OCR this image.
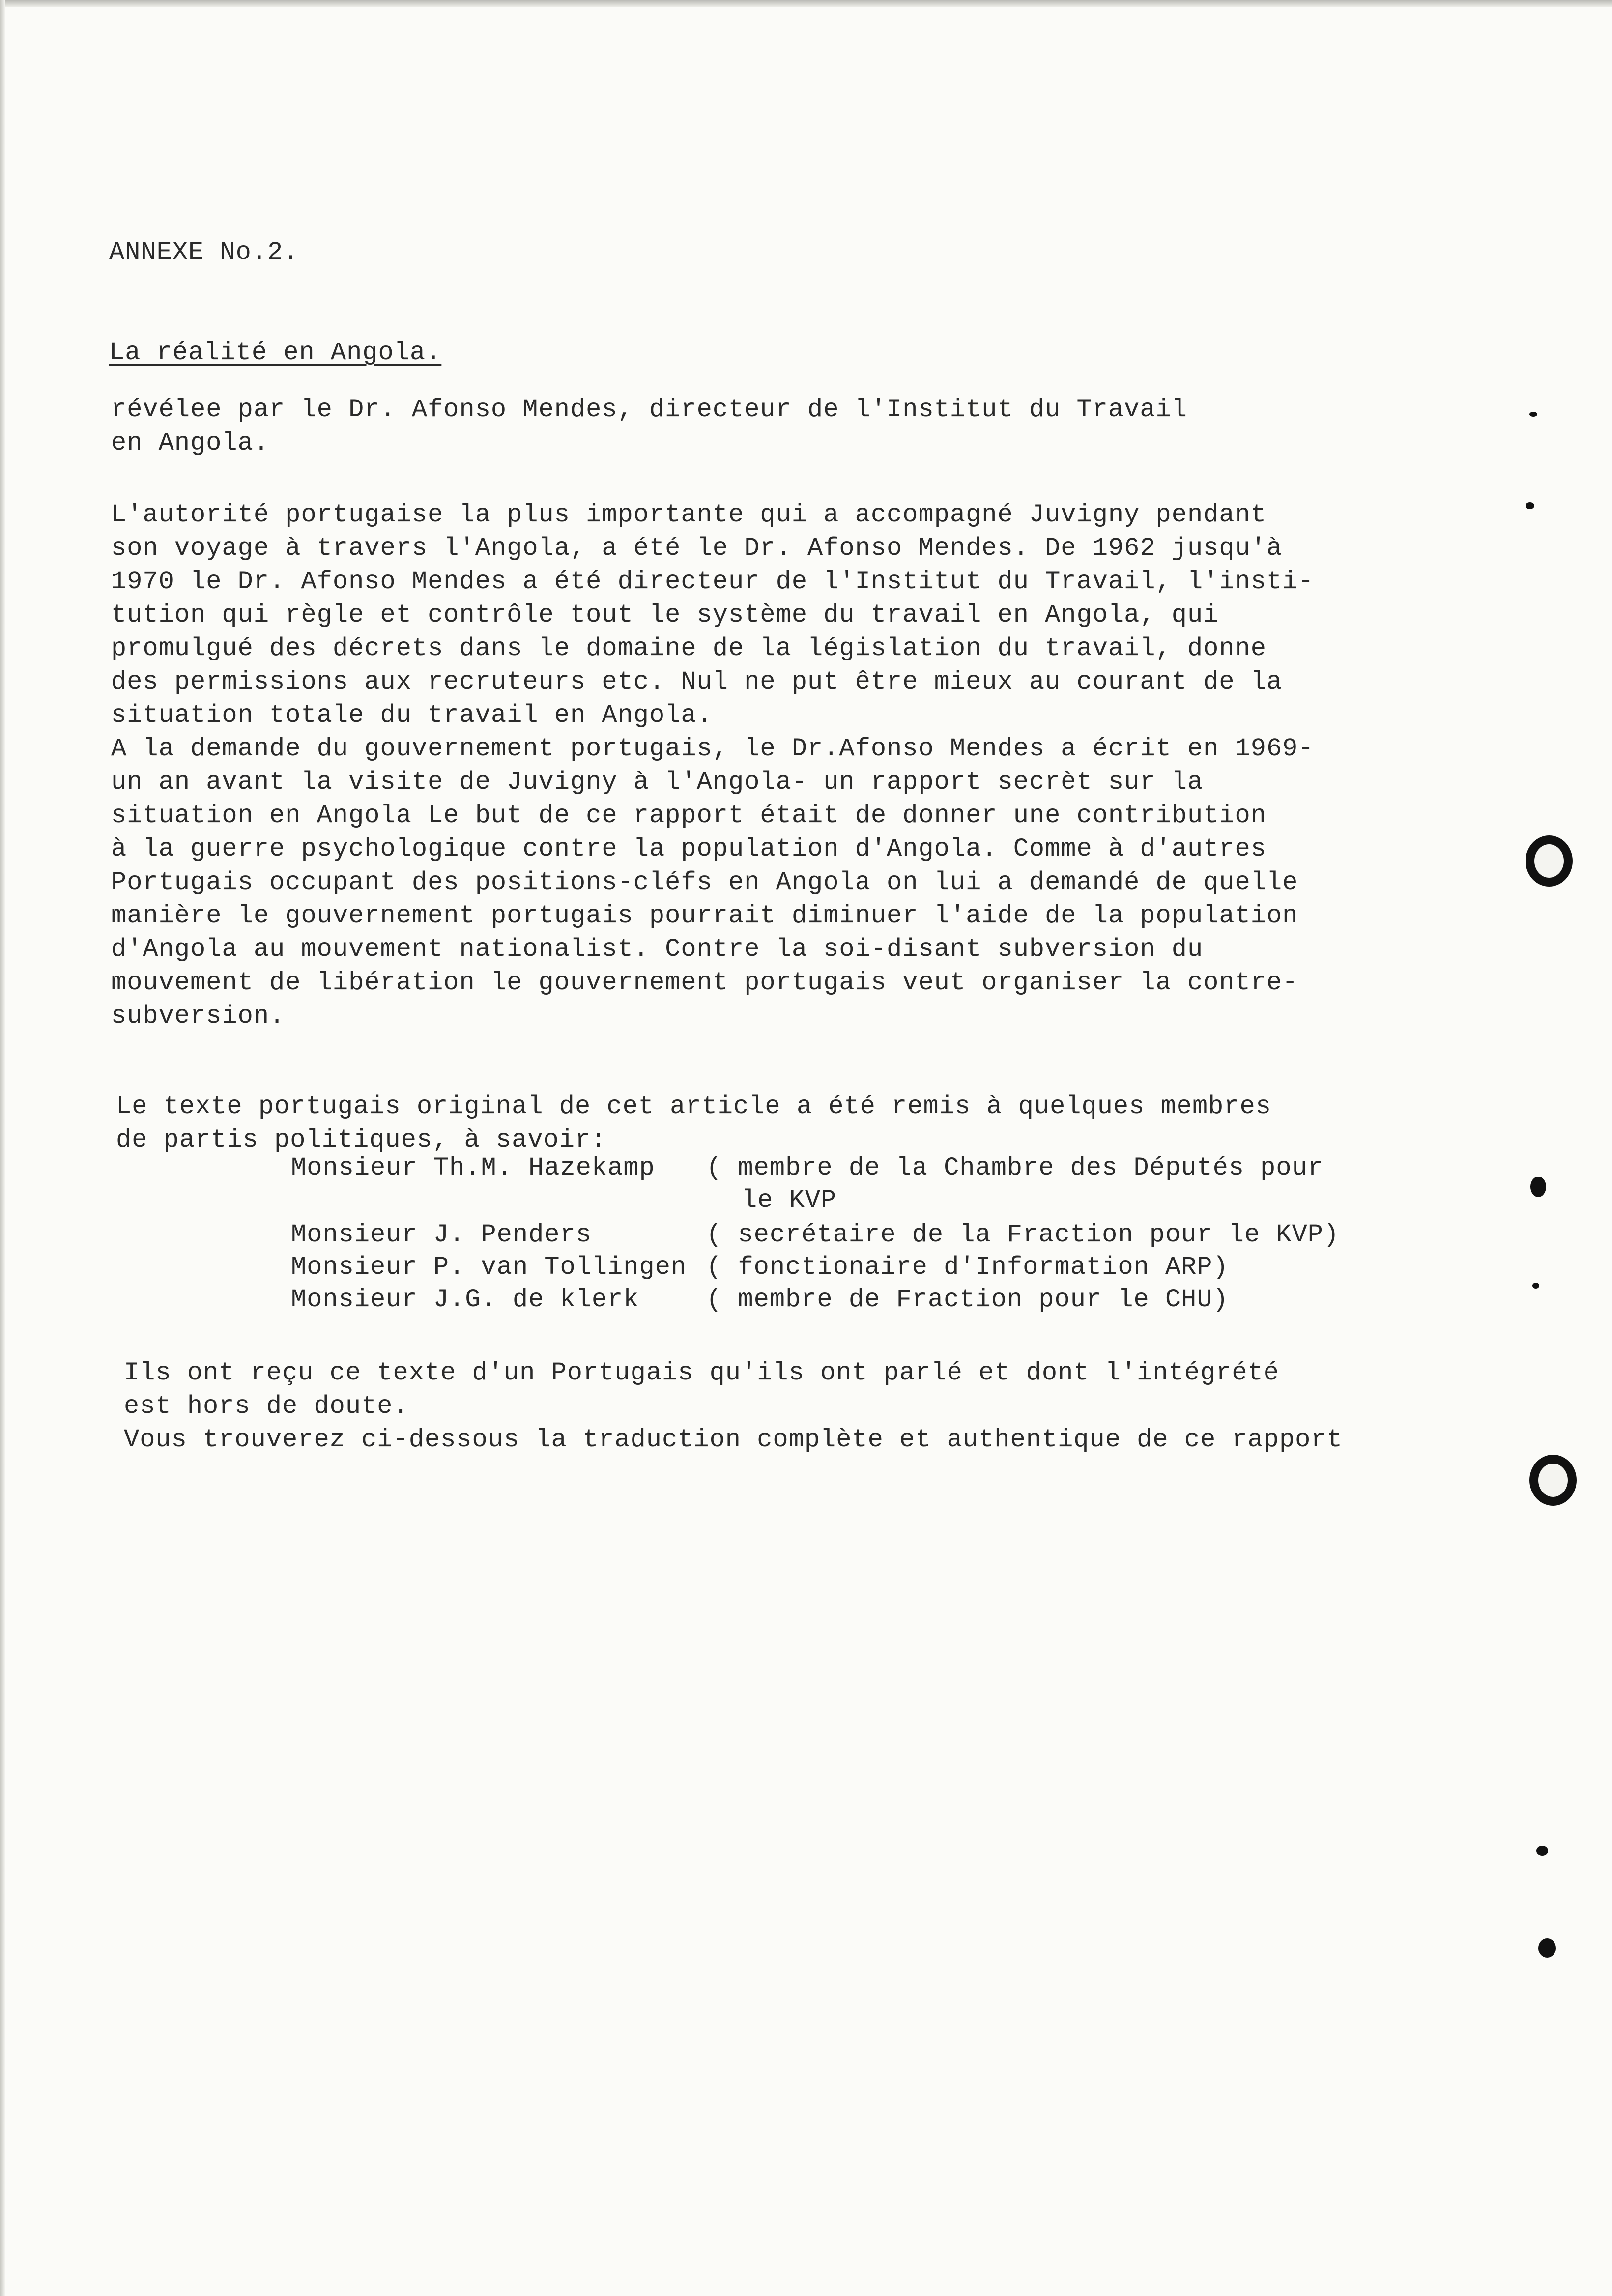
ANNEXE No.2.
La réalité en Angola.
révélee par le Dr. Afonso Mendes, directeur de l'Institut du Travail
en Angola.
L'autorité portugaise la plus importante qui a accompagné Juvigny pendant
son voyage à travers l'Angola, a été le Dr. Afonso Mendes. De 1962 jusqu'à
1970 le Dr. Afonso Mendes a été directeur de l'Institut du Travail, l'insti-
tution qui règle et contrôle tout le système du travail en Angola, qui
promulgué des décrets dans le domaine de la législation du travail, donne
des permissions aux recruteurs etc. Nul ne put être mieux au courant de la
situation totale du travail en Angola.
A la demande du gouvernement portugais, le Dr.Afonso Mendes a écrit en 1969-
un an avant la visite de Juvigny à l'Angola- un rapport secrèt sur la
situation en Angola Le but de ce rapport était de donner une contribution
à la guerre psychologique contre la population d'Angola. Comme à d'autres
Portugais occupant des positions-cléfs en Angola on lui a demandé de quelle
manière le gouvernement portugais pourrait diminuer l'aide de la population
d'Angola au mouvement nationalist. Contre la soi-disant subversion du
mouvement de libération le gouvernement portugais veut organiser la contre-
subversion.
Le texte portugais original de cet article a été remis à quelques membres
de partis politiques, à savoir:
Monsieur Th.M. Hazekamp ( membre de la Chambre des Députés pour
le KVP
Monsieur J. Penders	( secrétaire de la Fraction pour le KVP)
Monsieur P. van Tollingen ( fonctionaire d'Information ARP)
Monsieur J.G. de klerk	( membre de Fraction pour le CHU)
Ils ont reçu ce texte d'un Portugais qu'ils ont parlé et dont l'intégrété
est hors de doute.
Vous trouverez ci-dessous la traduction complète et authentique de ce rapport
